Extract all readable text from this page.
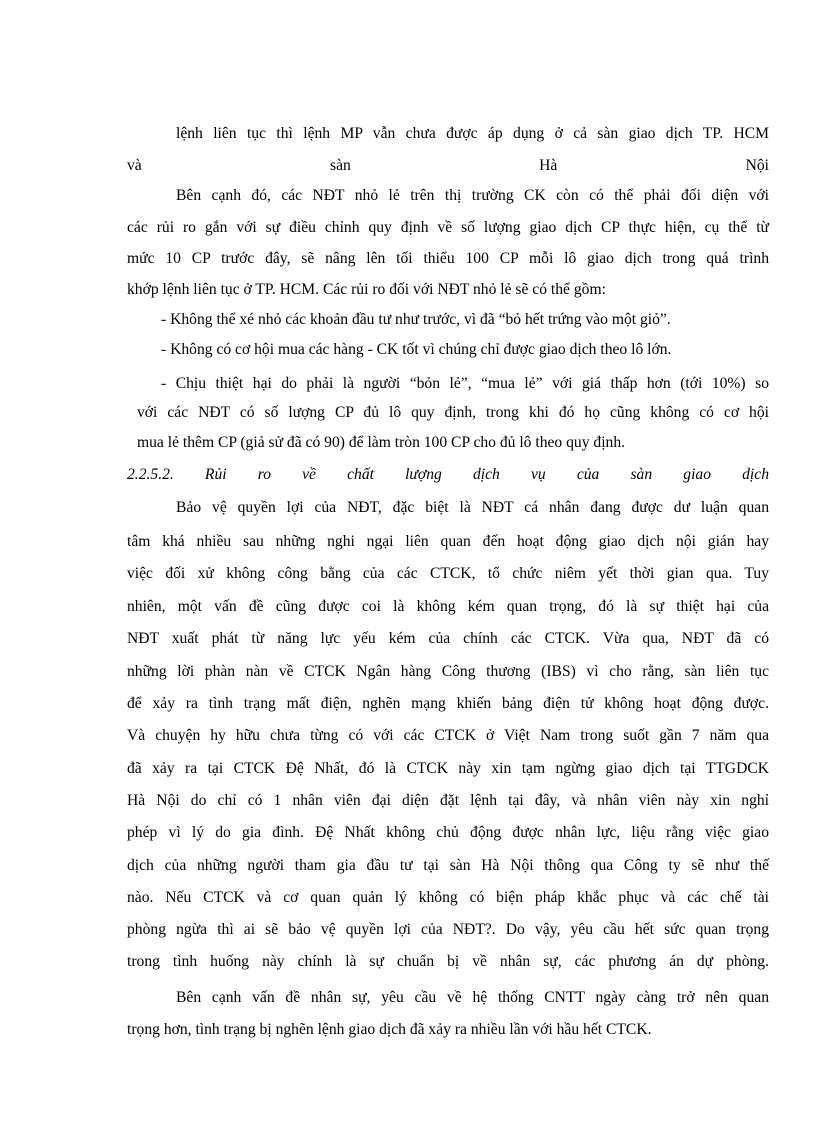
lệnh liên tục thì lệnh MP vẫn chưa được áp dụng ở cả sàn giao dịch TP. HCM
và sàn Hà Nội
Bên cạnh đó, các NĐT nhỏ lẻ trên thị trường CK còn có thể phải đối diện với
các rủi ro gắn với sự điều chỉnh quy định về số lượng giao dịch CP thực hiện, cụ thể từ
mức 10 CP trước đây, sẽ nâng lên tối thiểu 100 CP mỗi lô giao dịch trong quá trình
khớp lệnh liên tục ở TP. HCM. Các rủi ro đối với NĐT nhỏ lẻ sẽ có thể gồm:
- Không thể xé nhỏ các khoản đầu tư như trước, vì đã “bỏ hết trứng vào một giỏ”.
- Không có cơ hội mua các hàng - CK tốt vì chúng chỉ được giao dịch theo lô lớn.
- Chịu thiệt hại do phải là người “bỏn lẻ”, “mua lẻ” với giá thấp hơn (tới 10%) so
với các NĐT có số lượng CP đủ lô quy định, trong khi đó họ cũng không có cơ hội
mua lẻ thêm CP (giả sử đã có 90) để làm tròn 100 CP cho đủ lô theo quy định.
2.2.5.2. Rủi ro về chất lượng dịch vụ của sàn giao dịch
Bảo vệ quyền lợi của NĐT, đặc biệt là NĐT cá nhân đang được dư luận quan
tâm khá nhiều sau những nghi ngại liên quan đến hoạt động giao dịch nội gián hay
việc đối xử không công bằng của các CTCK, tổ chức niêm yết thời gian qua. Tuy
nhiên, một vấn đề cũng được coi là không kém quan trọng, đó là sự thiệt hại của
NĐT xuất phát từ năng lực yếu kém của chính các CTCK. Vừa qua, NĐT đã có
những lời phàn nàn về CTCK Ngân hàng Công thương (IBS) vì cho rằng, sàn liên tục
để xảy ra tình trạng mất điện, nghẽn mạng khiến bảng điện tử không hoạt động được.
Và chuyện hy hữu chưa từng có với các CTCK ở Việt Nam trong suốt gần 7 năm qua
đã xảy ra tại CTCK Đệ Nhất, đó là CTCK này xin tạm ngừng giao dịch tại TTGDCK
Hà Nội do chỉ có 1 nhân viên đại diện đặt lệnh tại đây, và nhân viên này xin nghỉ
phép vì lý do gia đình. Đệ Nhất không chủ động được nhân lực, liệu rằng việc giao
dịch của những người tham gia đầu tư tại sàn Hà Nội thông qua Công ty sẽ như thế
nào. Nếu CTCK và cơ quan quản lý không có biện pháp khắc phục và các chế tài
phòng ngừa thì ai sẽ bảo vệ quyền lợi của NĐT?. Do vậy, yêu cầu hết sức quan trọng
trong tình huống này chính là sự chuẩn bị về nhân sự, các phương án dự phòng.
Bên cạnh vấn đề nhân sự, yêu cầu về hệ thống CNTT ngày càng trở nên quan
trọng hơn, tình trạng bị nghẽn lệnh giao dịch đã xảy ra nhiều lần với hầu hết CTCK.
